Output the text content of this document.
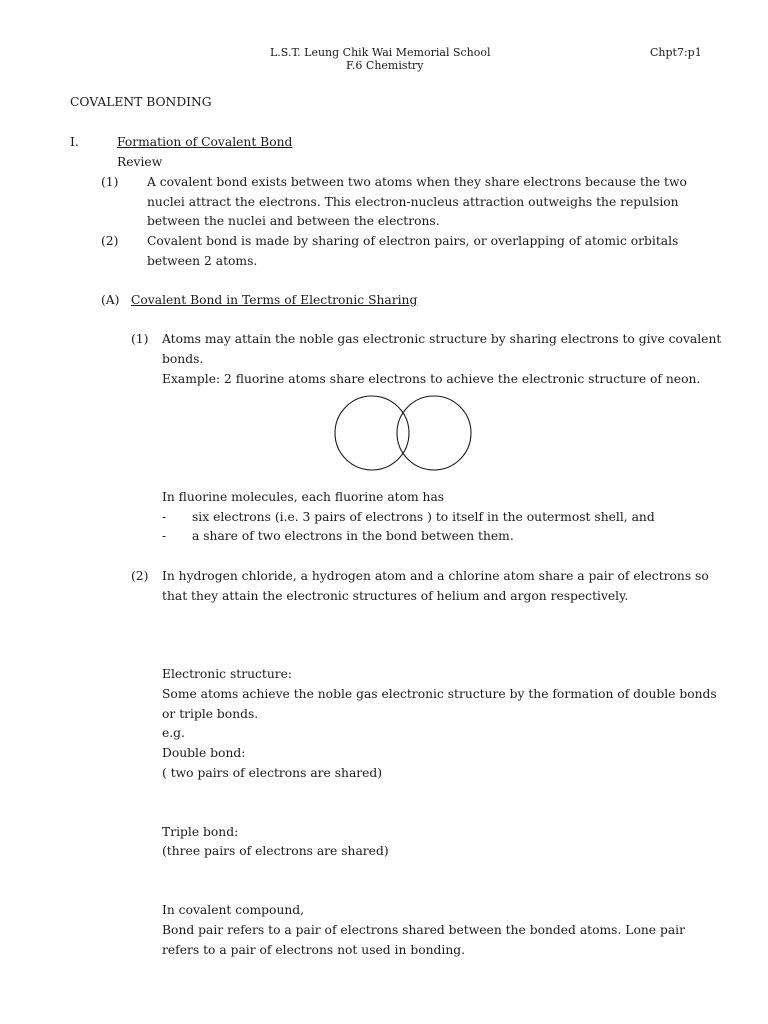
L.S.T. Leung Chik Wai Memorial School
F.6 Chemistry
Chpt7:p1
COVALENT BONDING
I.	Formation of Covalent Bond
Review
(1) A covalent bond exists between two atoms when they share electrons because the two
nuclei attract the electrons. This electron-nucleus attraction outweighs the repulsion
between the nuclei and between the electrons.
(2) Covalent bond is made by sharing of electron pairs, or overlapping of atomic orbitals
between 2 atoms.
(A) Covalent Bond in Terms of Electronic Sharing
(1) Atoms may attain the noble gas electronic structure by sharing electrons to give covalent
bonds.
Example: 2 fluorine atoms share electrons to achieve the electronic structure of neon.
In fluorine molecules, each fluorine atom has
- six electrons (i.e. 3 pairs of electrons ) to itself in the outermost shell, and
- a share of two electrons in the bond between them.
(2) In hydrogen chloride, a hydrogen atom and a chlorine atom share a pair of electrons so
that they attain the electronic structures of helium and argon respectively.
Electronic structure:
Some atoms achieve the noble gas electronic structure by the formation of double bonds
or triple bonds.
e.g.
Double bond:
( two pairs of electrons are shared)
Triple bond:
(three pairs of electrons are shared)
In covalent compound,
Bond pair refers to a pair of electrons shared between the bonded atoms. Lone pair
refers to a pair of electrons not used in bonding.
